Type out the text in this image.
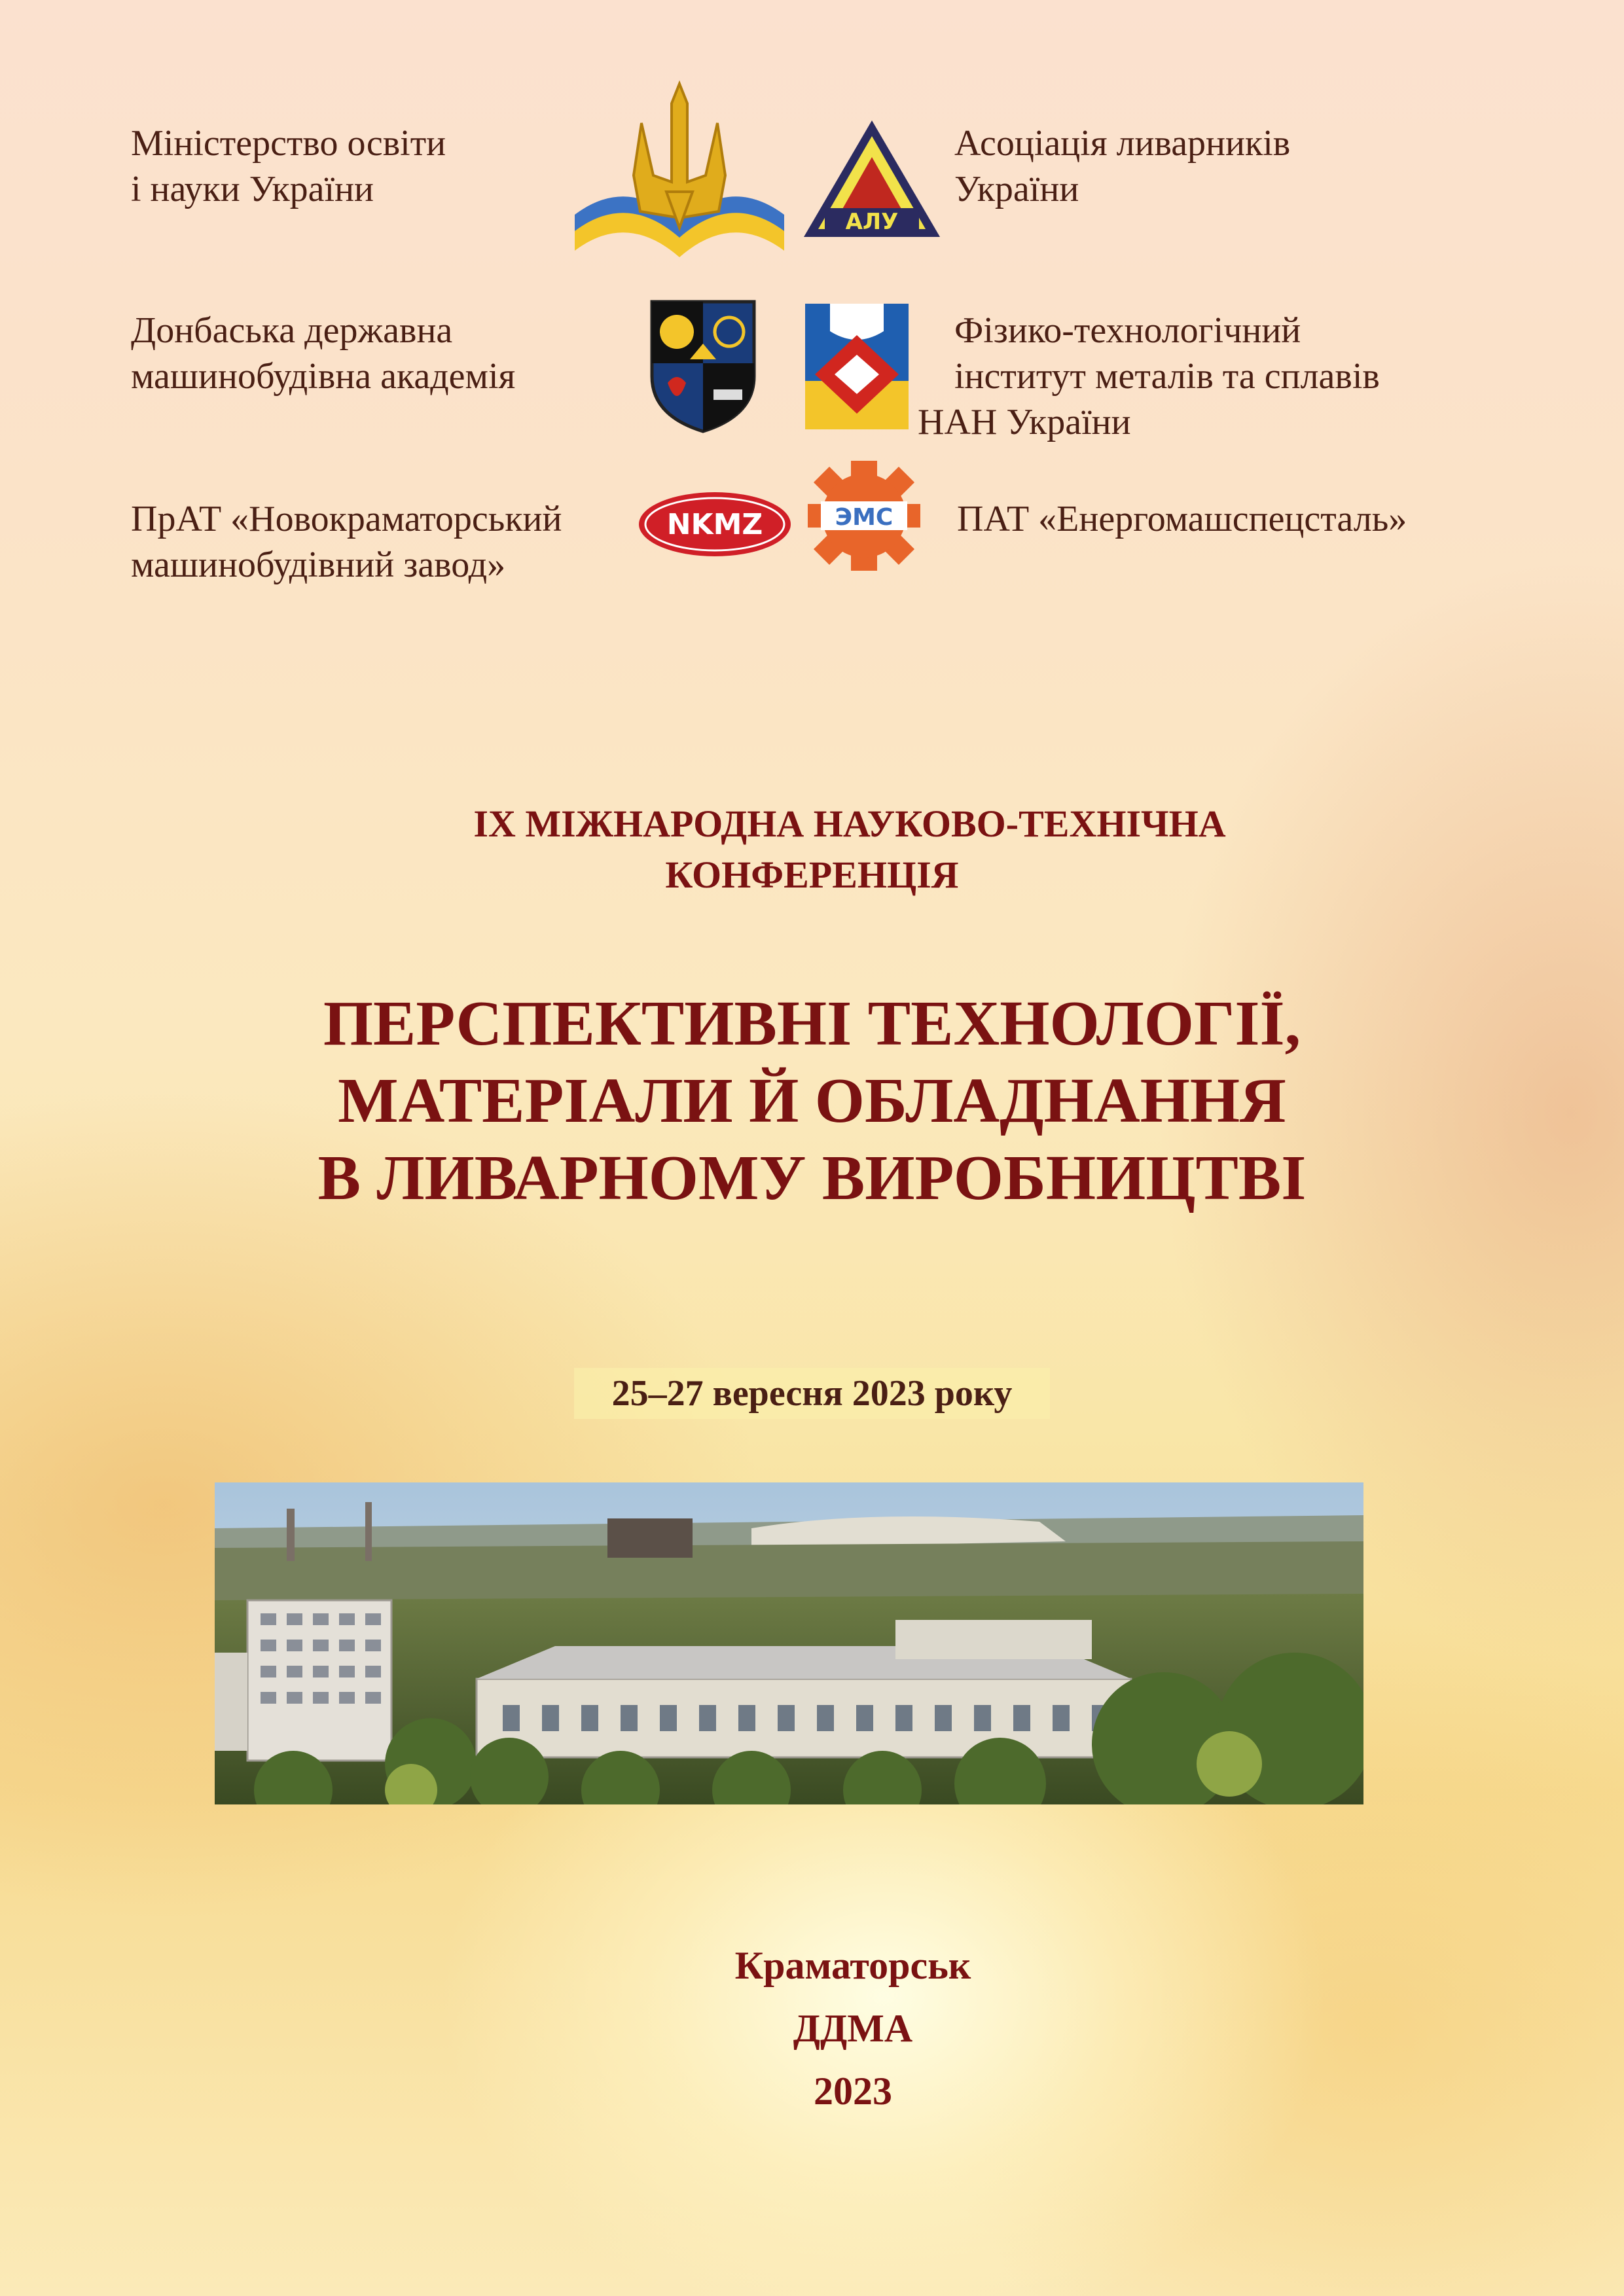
Міністерство освіти
і науки України
АЛУ
Асоціація ливарників
України
Донбаська державна
машинобудівна академія
Фізико-технологічний
інститут металів та сплавів
НАН України
ПрАТ «Новокраматорський
машинобудівний завод»
NKMZ	ЭМС ПАТ «Енергомашспецсталь»
IX МІЖНАРОДНА НАУКОВО-ТЕХНІЧНА
КОНФЕРЕНЦІЯ
ПЕРСПЕКТИВНІ ТЕХНОЛОГІЇ,
МАТЕРІАЛИ Й ОБЛАДНАННЯ
В ЛИВАРНОМУ ВИРОБНИЦТВІ
25–27 вересня 2023 року
Краматорськ
ДДМА
2023
